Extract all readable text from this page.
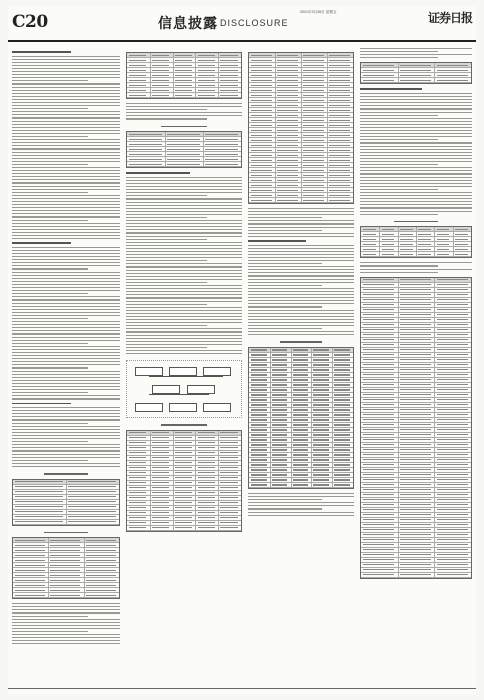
C20	信息披露 DISCLOSURE
2021年3月26日 星期五	证券日报
